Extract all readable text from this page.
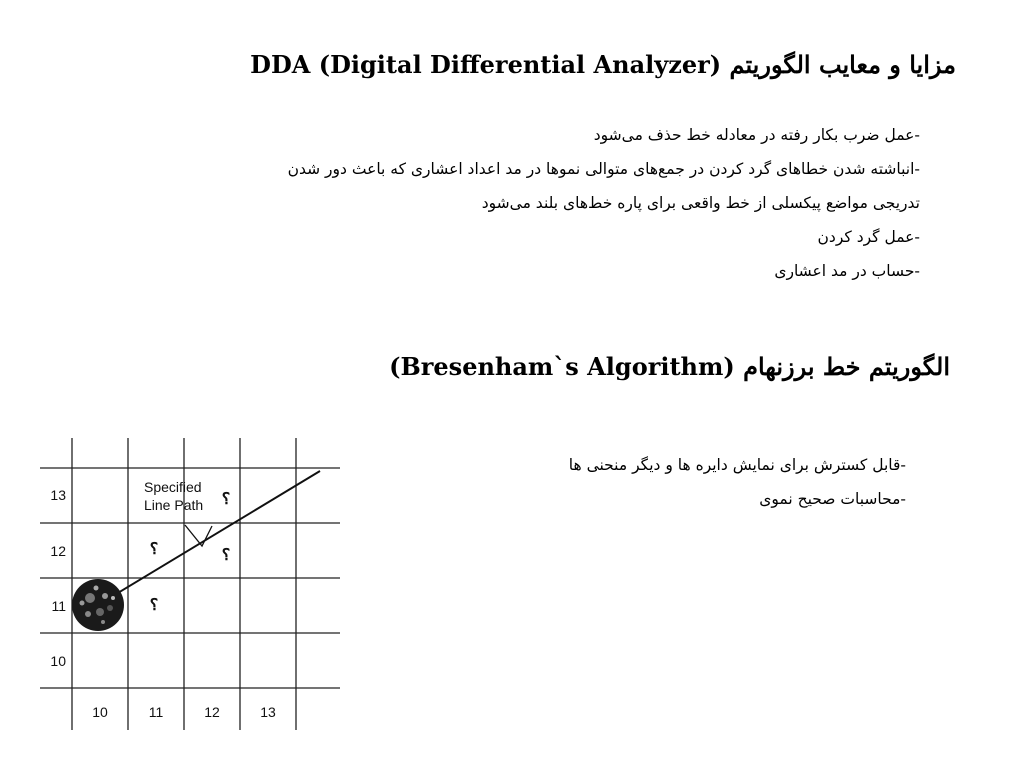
مزایا و معایب الگوریتم DDA (Digital Differential Analyzer)
-عمل ضرب بکار رفته در معادله خط حذف می‌شود
-انباشته شدن خطاهای گرد کردن در جمع‌های متوالی نموها در مد اعداد اعشاری که باعث دور شدن
تدریجی مواضع پیکسلی از خط واقعی برای پاره خط‌های بلند می‌شود
-عمل گرد کردن
-حساب در مد اعشاری
الگوریتم خط برزنهام (Bresenham`s Algorithm)
-قابل کسترش برای نمایش دایره ها و دیگر منحنی ها
-محاسبات صحیح نموی
Specified
Line Path
13
12
11
10
10	11	12	13
؟
؟	؟
؟
